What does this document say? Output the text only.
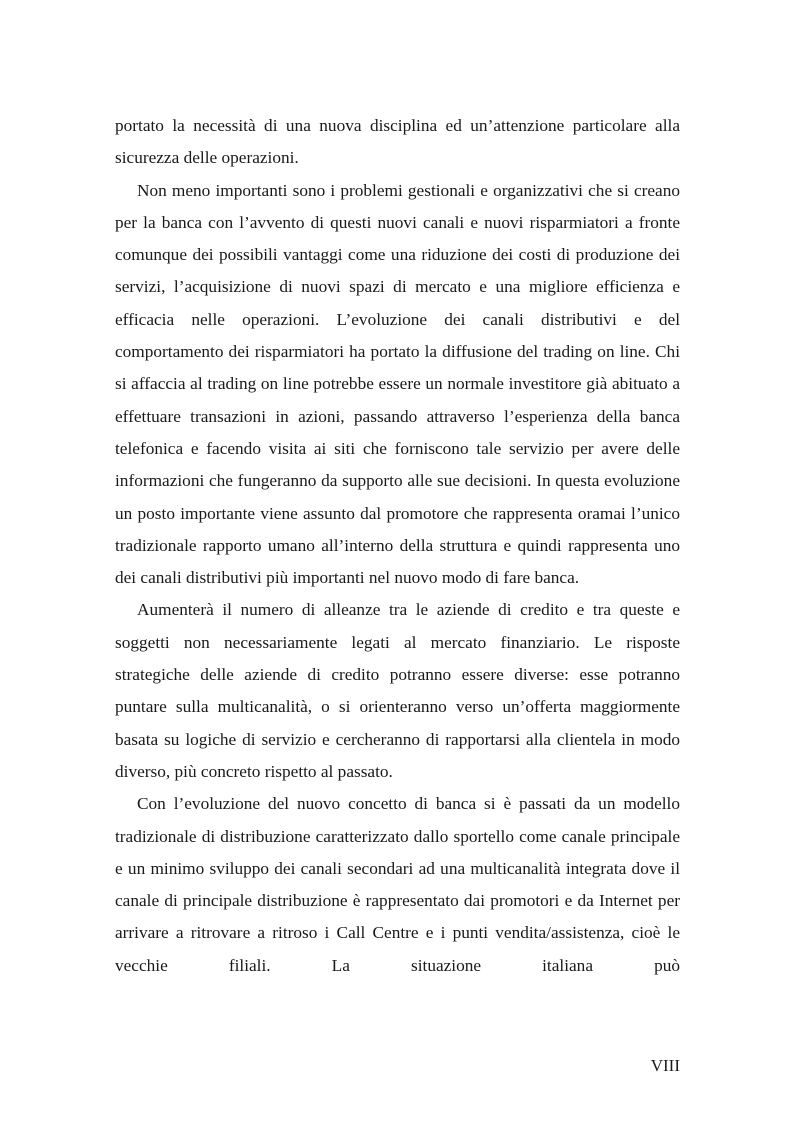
portato la necessità di una nuova disciplina ed un’attenzione particolare alla sicurezza delle operazioni.

Non meno importanti sono i problemi gestionali e organizzativi che si creano per la banca con l’avvento di questi nuovi canali e nuovi risparmiatori a fronte comunque dei possibili vantaggi come una riduzione dei costi di produzione dei servizi, l’acquisizione di nuovi spazi di mercato e una migliore efficienza e efficacia nelle operazioni. L’evoluzione dei canali distributivi e del comportamento dei risparmiatori ha portato la diffusione del trading on line. Chi si affaccia al trading on line potrebbe essere un normale investitore già abituato a effettuare transazioni in azioni, passando attraverso l’esperienza della banca telefonica e facendo visita ai siti che forniscono tale servizio per avere delle informazioni che fungeranno da supporto alle sue decisioni. In questa evoluzione un posto importante viene assunto dal promotore che rappresenta oramai l’unico tradizionale rapporto umano all’interno della struttura e quindi rappresenta uno dei canali distributivi più importanti nel nuovo modo di fare banca.

Aumenterà il numero di alleanze tra le aziende di credito e tra queste e soggetti non necessariamente legati al mercato finanziario. Le risposte strategiche delle aziende di credito potranno essere diverse: esse potranno puntare sulla multicanalità, o si orienteranno verso un’offerta maggiormente basata su logiche di servizio e cercheranno di rapportarsi alla clientela in modo diverso, più concreto rispetto al passato.

Con l’evoluzione del nuovo concetto di banca si è passati da un modello tradizionale di distribuzione caratterizzato dallo sportello come canale principale e un minimo sviluppo dei canali secondari ad una multicanalità integrata dove il canale di principale distribuzione è rappresentato dai promotori e da Internet per arrivare a ritrovare a ritroso i Call Centre e i punti vendita/assistenza, cioè le vecchie filiali. La situazione italiana può

VIII
